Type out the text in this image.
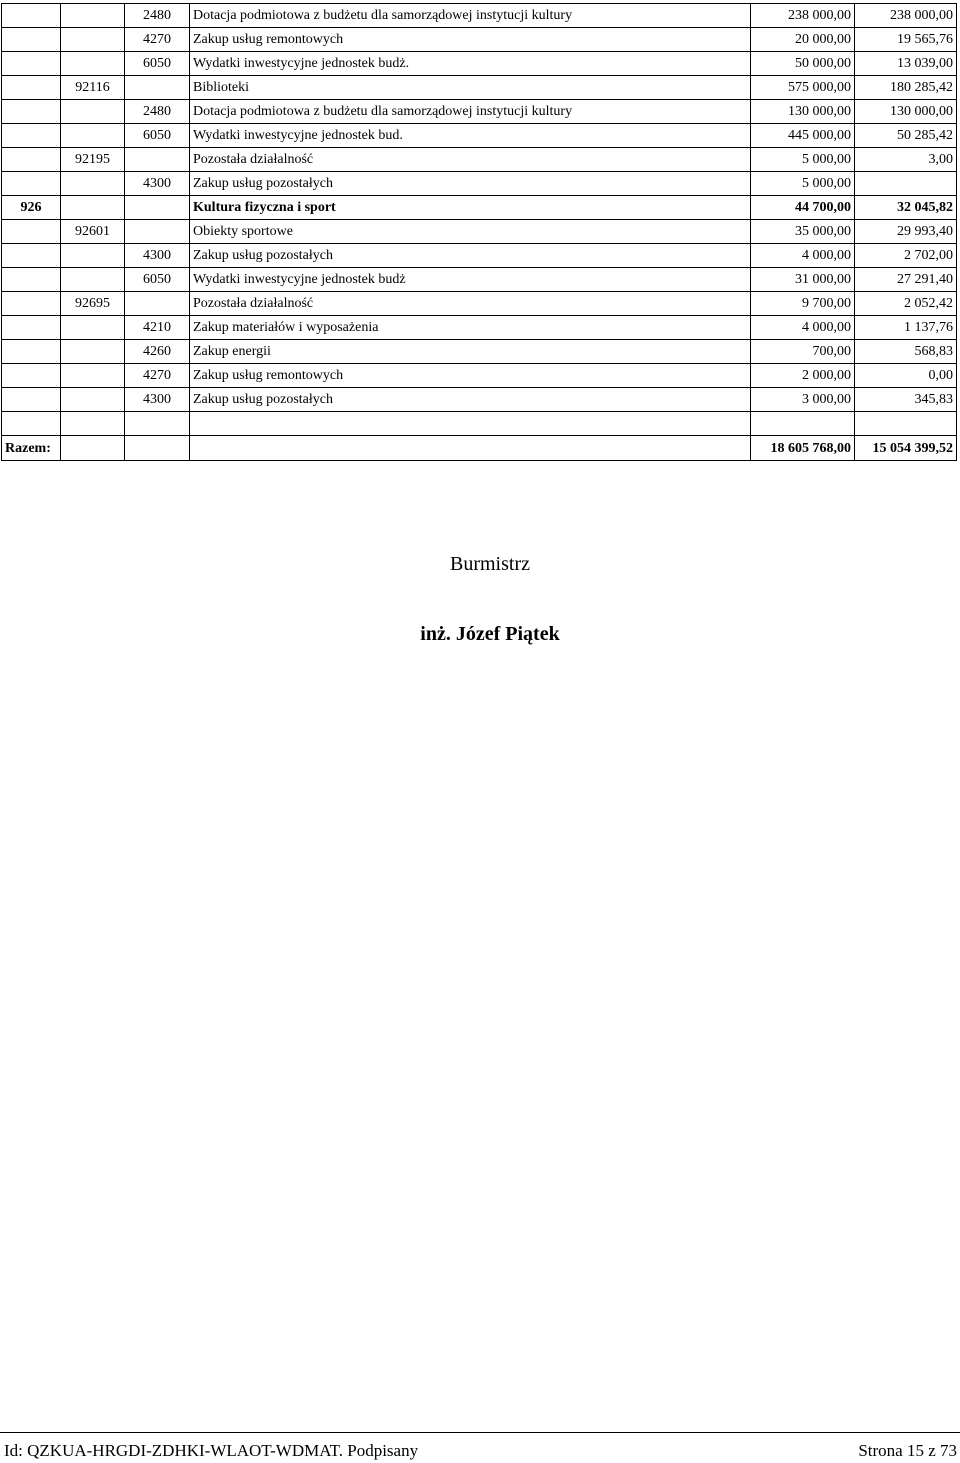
		2480	Dotacja podmiotowa z budżetu dla samorządowej instytucji kultury	238 000,00	238 000,00
		4270	Zakup usług remontowych	20 000,00	19 565,76
		6050	Wydatki inwestycyjne jednostek budż.	50 000,00	13 039,00
	92116		Biblioteki	575 000,00	180 285,42
		2480	Dotacja podmiotowa z budżetu dla samorządowej instytucji kultury	130 000,00	130 000,00
		6050	Wydatki inwestycyjne jednostek bud.	445 000,00	50 285,42
	92195		Pozostała działalność	5 000,00	3,00
		4300	Zakup usług pozostałych	5 000,00	
926			Kultura fizyczna i sport	44 700,00	32 045,82
	92601		Obiekty sportowe	35 000,00	29 993,40
		4300	Zakup usług pozostałych	4 000,00	2 702,00
		6050	Wydatki inwestycyjne jednostek budż	31 000,00	27 291,40
	92695		Pozostała działalność	9 700,00	2 052,42
		4210	Zakup materiałów i wyposażenia	4 000,00	1 137,76
		4260	Zakup energii	700,00	568,83
		4270	Zakup usług remontowych	2 000,00	0,00
		4300	Zakup usług pozostałych	3 000,00	345,83

Razem:				18 605 768,00	15 054 399,52
Burmistrz
inż. Józef Piątek
Id: QZKUA-HRGDI-ZDHKI-WLAOT-WDMAT. Podpisany	Strona 15 z 73
